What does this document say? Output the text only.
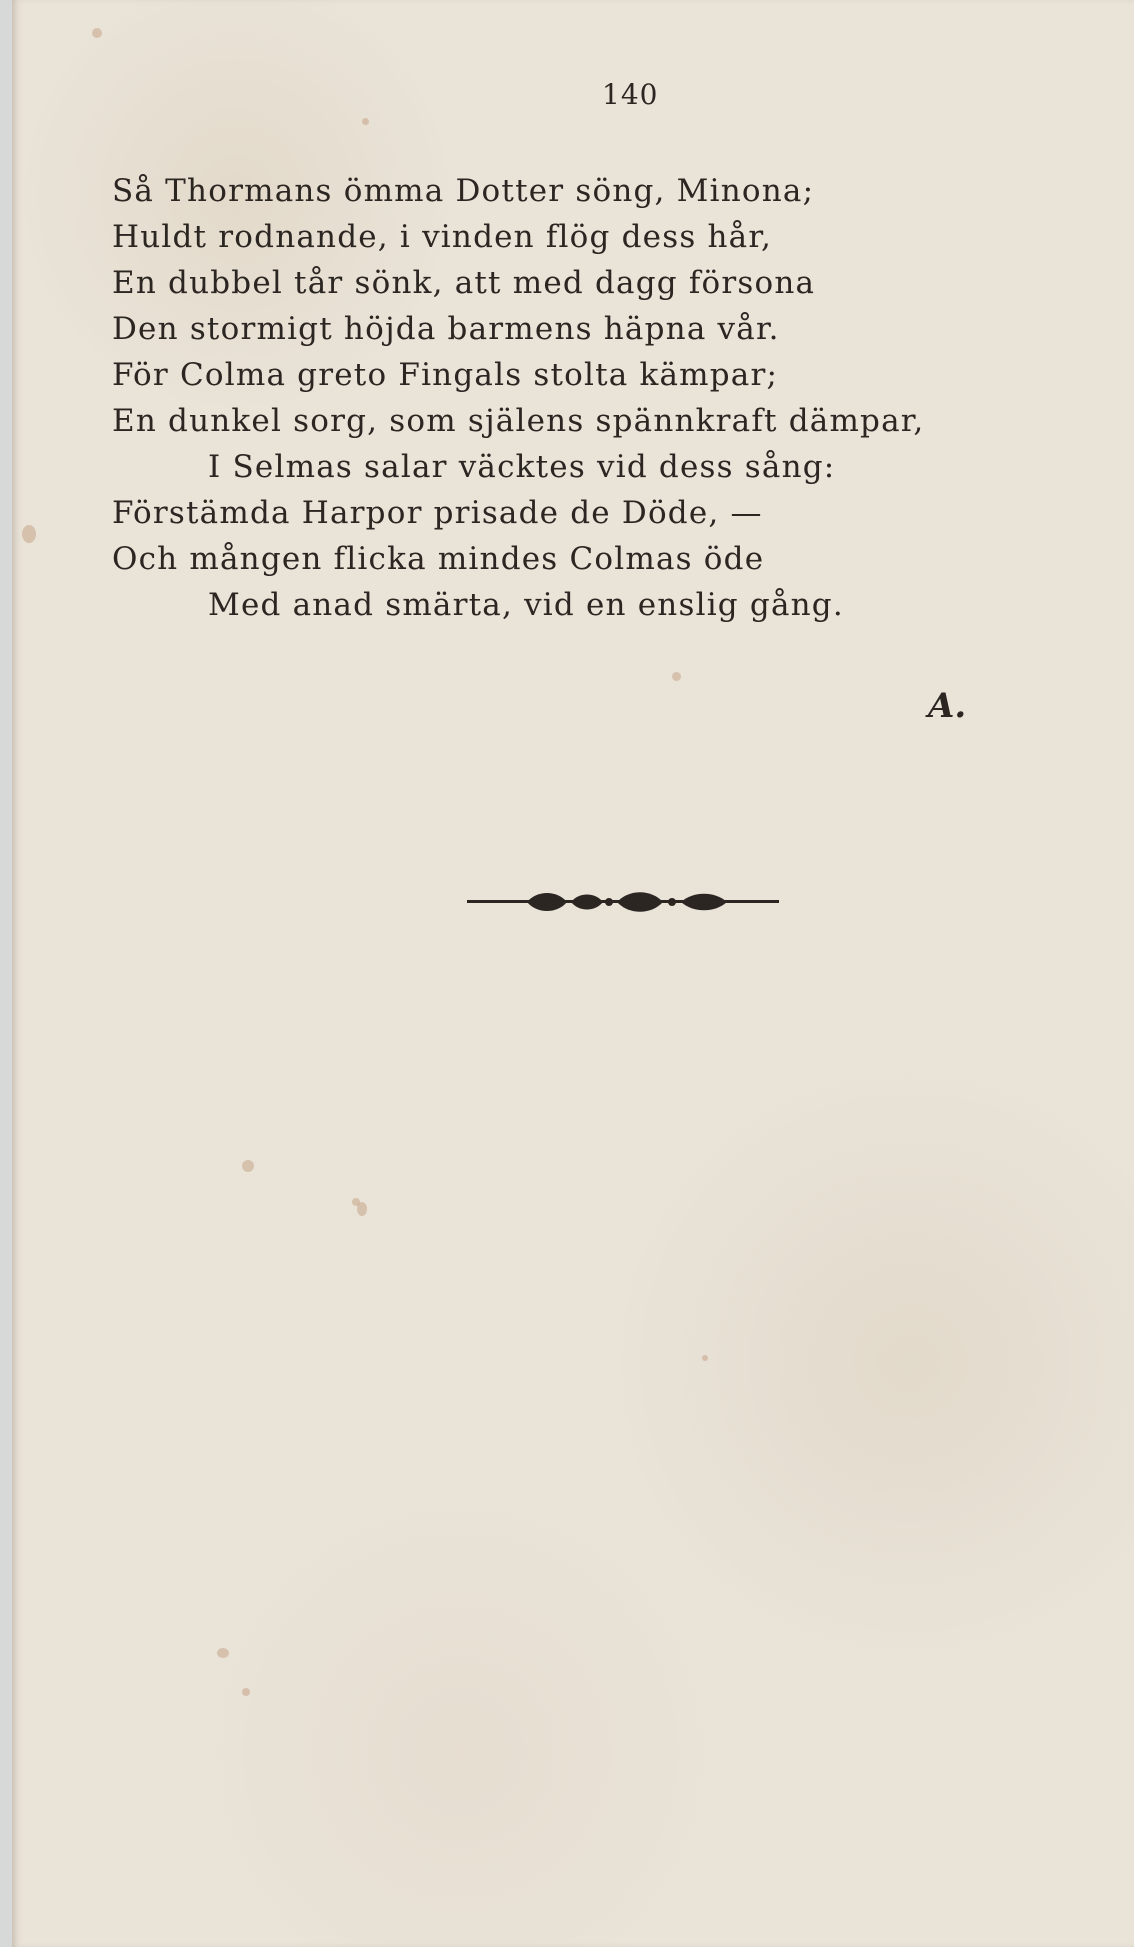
140
Så Thormans ömma Dotter söng, Minona;
Huldt rodnande, i vinden flög dess hår,
En dubbel tår sönk, att med dagg försona
Den stormigt höjda barmens häpna vår.
För Colma greto Fingals stolta kämpar;
En dunkel sorg, som själens spännkraft dämpar,
I Selmas salar väcktes vid dess sång:
Förstämda Harpor prisade de Döde, —
Och mången flicka mindes Colmas öde
Med anad smärta, vid en enslig gång.
A.
